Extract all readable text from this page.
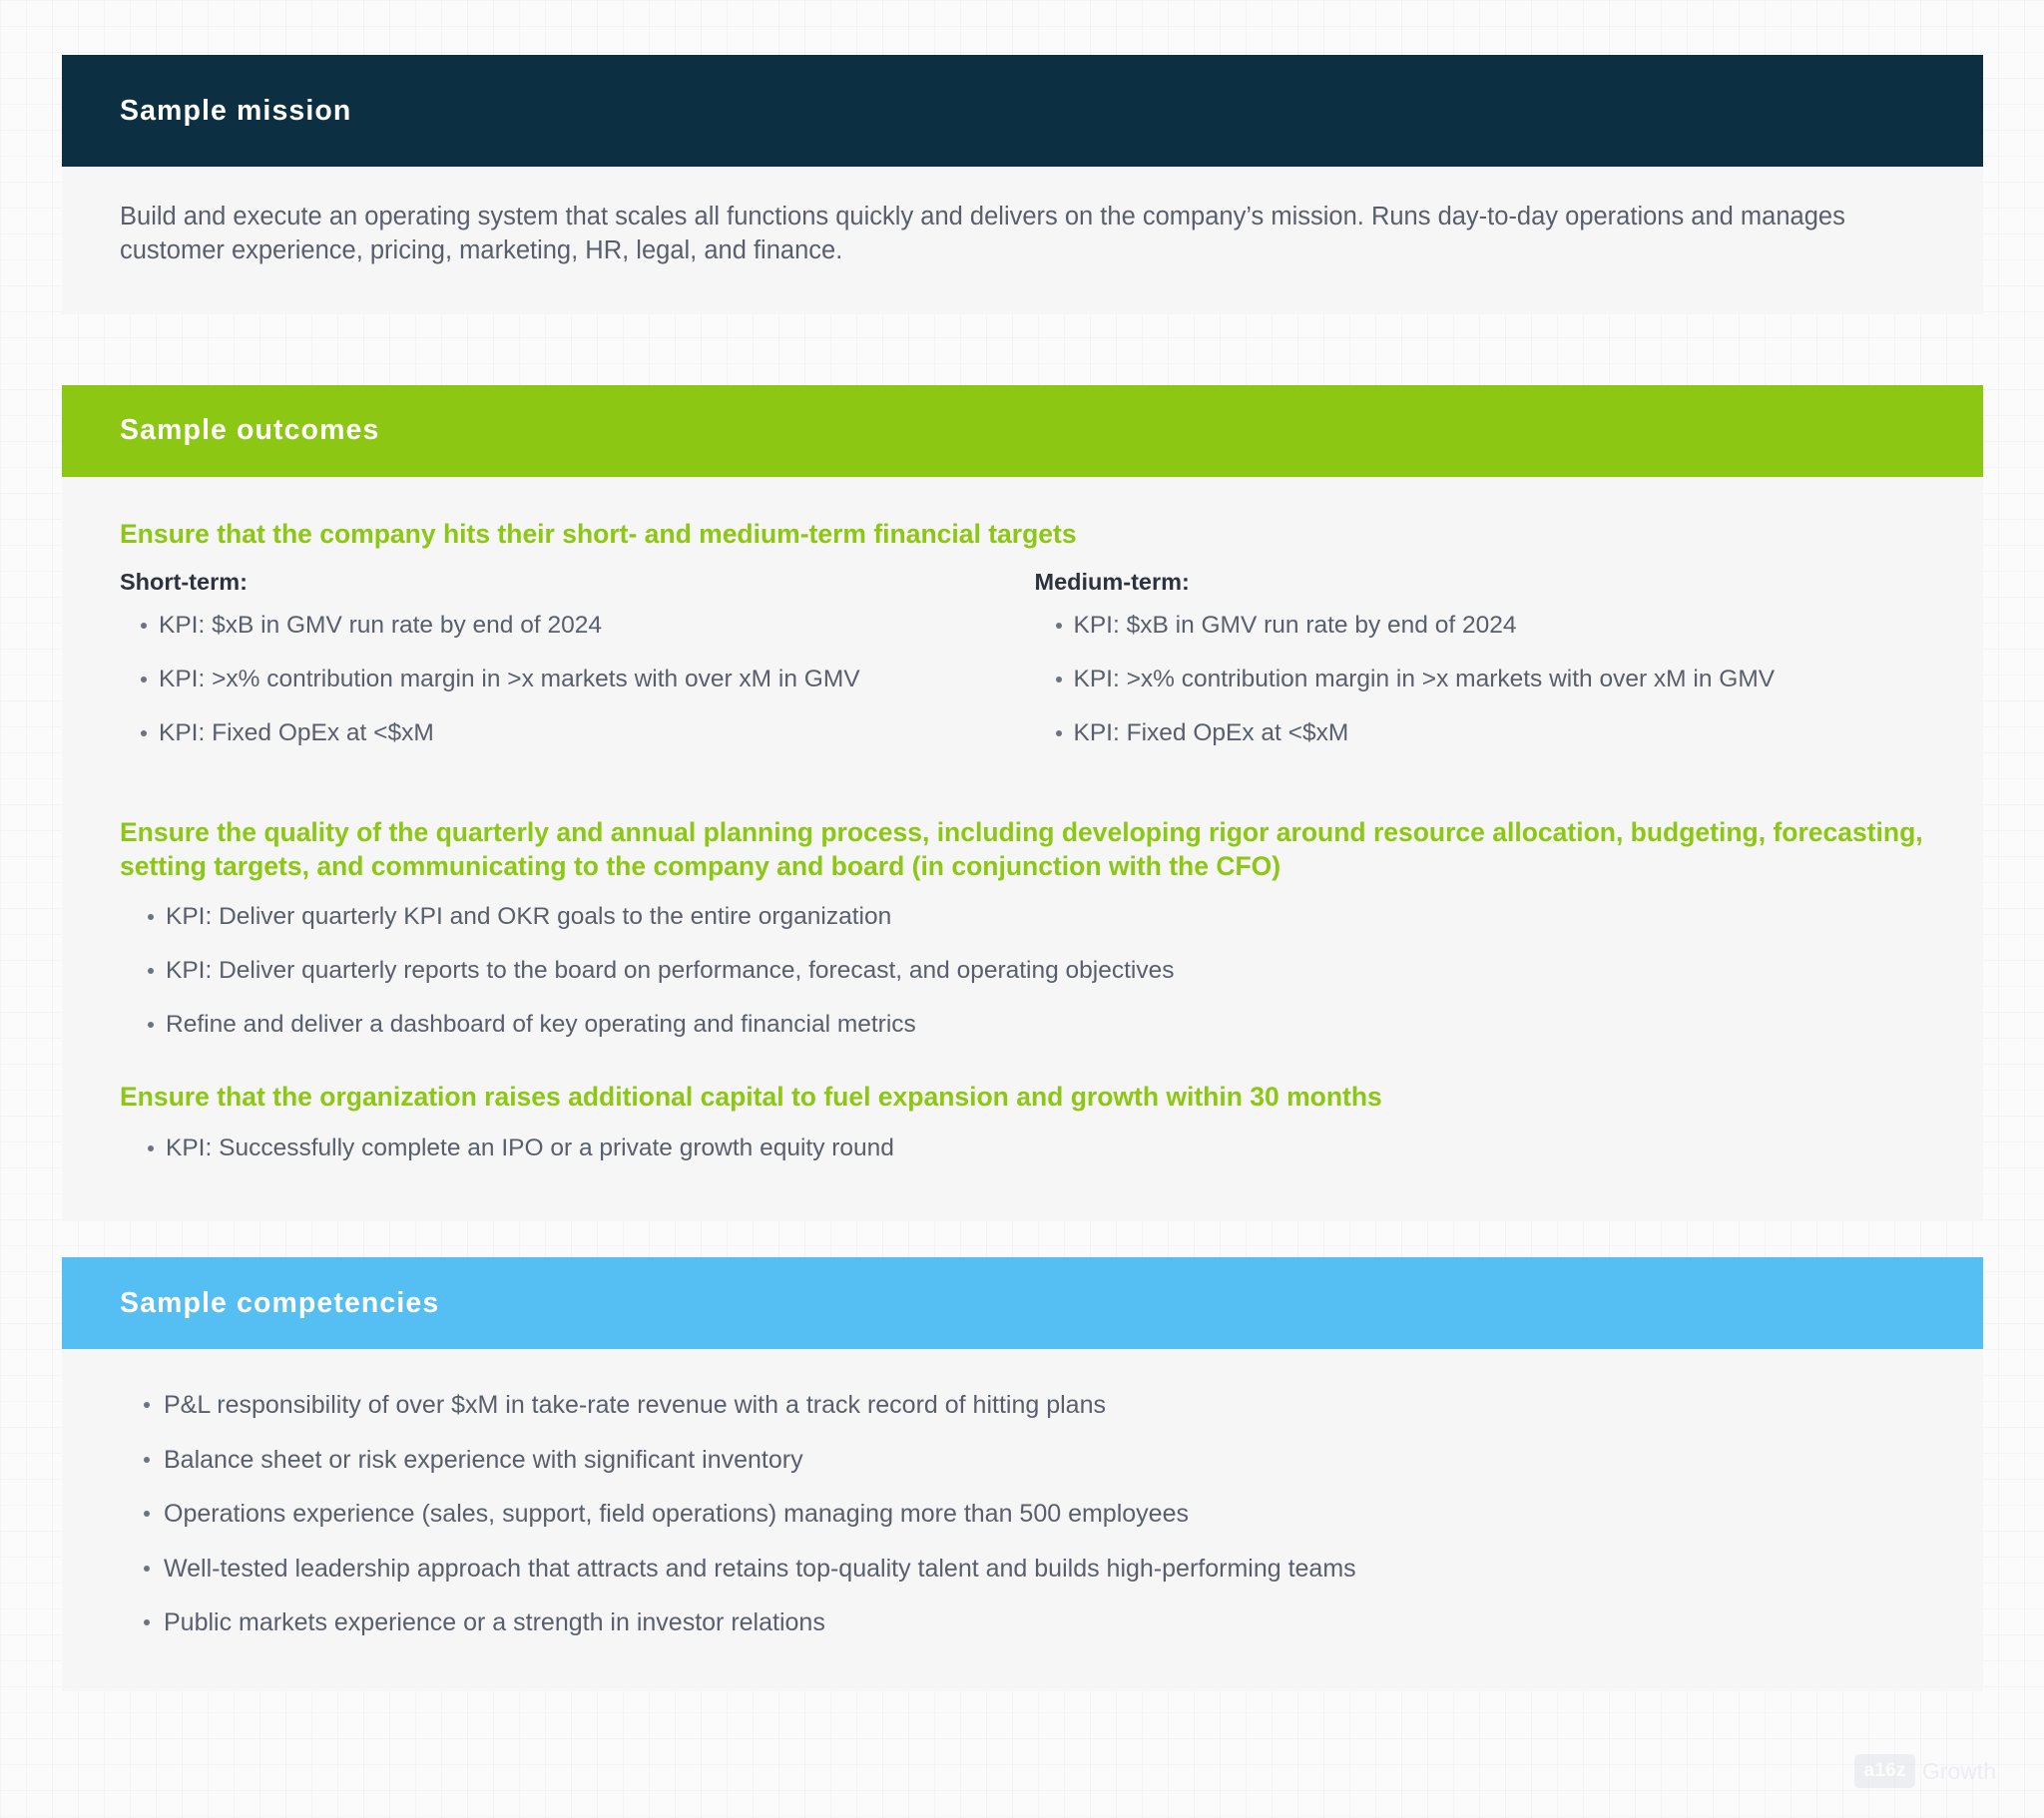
Sample mission

Build and execute an operating system that scales all functions quickly and delivers on the company’s mission. Runs day-to-day operations and manages customer experience, pricing, marketing, HR, legal, and finance.

Sample outcomes
Ensure that the company hits their short- and medium-term financial targets
Short-term:
KPI: $xB in GMV run rate by end of 2024
KPI: >x% contribution margin in >x markets with over xM in GMV
KPI: Fixed OpEx at <$xM
Medium-term:
KPI: $xB in GMV run rate by end of 2024
KPI: >x% contribution margin in >x markets with over xM in GMV
KPI: Fixed OpEx at <$xM
Ensure the quality of the quarterly and annual planning process, including developing rigor around resource allocation, budgeting, forecasting, setting targets, and communicating to the company and board (in conjunction with the CFO)
KPI: Deliver quarterly KPI and OKR goals to the entire organization
KPI: Deliver quarterly reports to the board on performance, forecast, and operating objectives
Refine and deliver a dashboard of key operating and financial metrics
Ensure that the organization raises additional capital to fuel expansion and growth within 30 months
KPI: Successfully complete an IPO or a private growth equity round
Sample competencies
P&L responsibility of over $xM in take-rate revenue with a track record of hitting plans
Balance sheet or risk experience with significant inventory
Operations experience (sales, support, field operations) managing more than 500 employees
Well-tested leadership approach that attracts and retains top-quality talent and builds high-performing teams
Public markets experience or a strength in investor relations
a16z Growth
